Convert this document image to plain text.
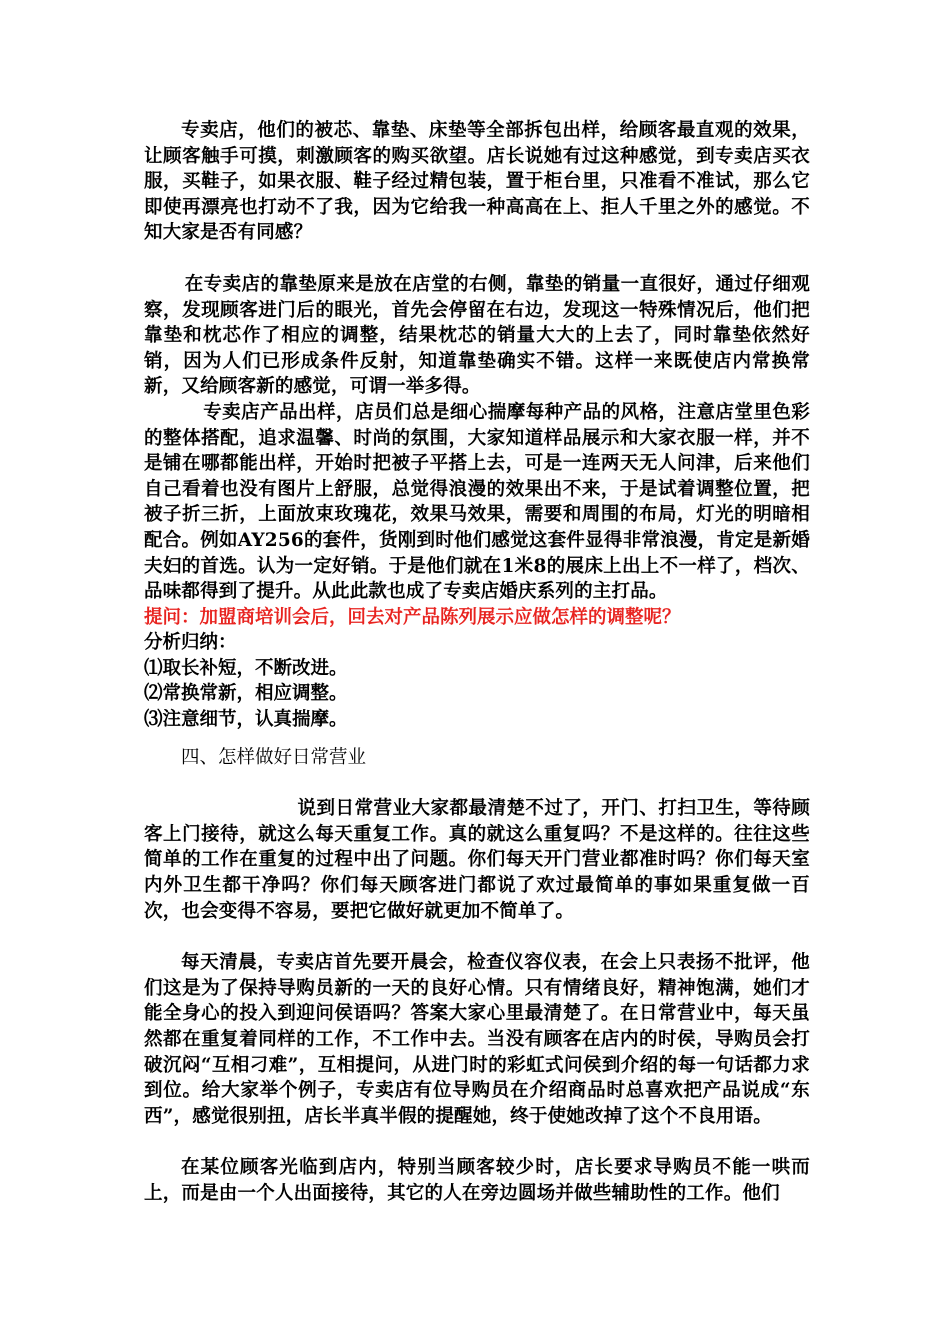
专卖店，他们的被芯、靠垫、床垫等全部拆包出样，给顾客最直观的效果，让顾客触手可摸，刺激顾客的购买欲望。店长说她有过这种感觉，到专卖店买衣服，买鞋子，如果衣服、鞋子经过精包装，置于柜台里，只准看不准试，那么它即使再漂亮也打动不了我，因为它给我一种高高在上、拒人千里之外的感觉。不知大家是否有同感？

在专卖店的靠垫原来是放在店堂的右侧，靠垫的销量一直很好，通过仔细观察，发现顾客进门后的眼光，首先会停留在右边，发现这一特殊情况后，他们把靠垫和枕芯作了相应的调整，结果枕芯的销量大大的上去了，同时靠垫依然好销，因为人们已形成条件反射，知道靠垫确实不错。这样一来既使店内常换常新，又给顾客新的感觉，可谓一举多得。

专卖店产品出样，店员们总是细心揣摩每种产品的风格，注意店堂里色彩的整体搭配，追求温馨、时尚的氛围，大家知道样品展示和大家衣服一样，并不是铺在哪都能出样，开始时把被子平搭上去，可是一连两天无人问津，后来他们自己看着也没有图片上舒服，总觉得浪漫的效果出不来，于是试着调整位置，把被子折三折，上面放束玫瑰花，效果马效果，需要和周围的布局，灯光的明暗相配合。例如AY256的套件，货刚到时他们感觉这套件显得非常浪漫，肯定是新婚夫妇的首选。认为一定好销。于是他们就在1米8的展床上出上不一样了，档次、品味都得到了提升。从此此款也成了专卖店婚庆系列的主打品。

提问：加盟商培训会后，回去对产品陈列展示应做怎样的调整呢？

分析归纳：

⑴取长补短，不断改进。

⑵常换常新，相应调整。

⑶注意细节，认真揣摩。

四、怎样做好日常营业

说到日常营业大家都最清楚不过了，开门、打扫卫生，等待顾客上门接待，就这么每天重复工作。真的就这么重复吗？不是这样的。往往这些简单的工作在重复的过程中出了问题。你们每天开门营业都准时吗？你们每天室内外卫生都干净吗？你们每天顾客进门都说了欢过最简单的事如果重复做一百次，也会变得不容易，要把它做好就更加不简单了。

每天清晨，专卖店首先要开晨会，检查仪容仪表，在会上只表扬不批评，他们这是为了保持导购员新的一天的良好心情。只有情绪良好，精神饱满，她们才能全身心的投入到迎问侯语吗？答案大家心里最清楚了。在日常营业中，每天虽然都在重复着同样的工作，不工作中去。当没有顾客在店内的时侯，导购员会打破沉闷“互相刁难”，互相提问，从进门时的彩虹式问侯到介绍的每一句话都力求到位。给大家举个例子，专卖店有位导购员在介绍商品时总喜欢把产品说成“东西”，感觉很别扭，店长半真半假的提醒她，终于使她改掉了这个不良用语。

在某位顾客光临到店内，特别当顾客较少时，店长要求导购员不能一哄而上，而是由一个人出面接待，其它的人在旁边圆场并做些辅助性的工作。他们
